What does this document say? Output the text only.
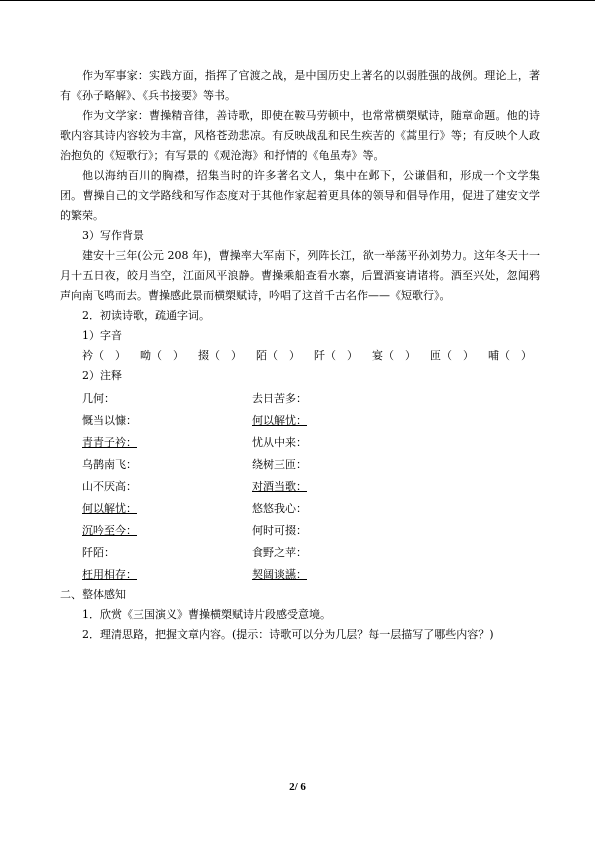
作为军事家：实践方面，指挥了官渡之战，是中国历史上著名的以弱胜强的战例。理论上，著有《孙子略解》、《兵书接要》等书。

作为文学家：曹操精音律，善诗歌，即使在鞍马劳顿中，也常常横槊赋诗，随章命题。他的诗歌内容其诗内容较为丰富，风格苍劲悲凉。有反映战乱和民生疾苦的《蒿里行》等；有反映个人政治抱负的《短歌行》；有写景的《观沧海》和抒情的《龟虽寿》等。

他以海纳百川的胸襟，招集当时的许多著名文人，集中在邺下，公谦倡和，形成一个文学集团。曹操自己的文学路线和写作态度对于其他作家起着更具体的领导和倡导作用，促进了建安文学的繁荣。

3）写作背景

建安十三年(公元 208 年)，曹操率大军南下，列阵长江，欲一举荡平孙刘势力。这年冬天十一月十五日夜，皎月当空，江面风平浪静。曹操乘船查看水寨，后置酒宴请诸将。酒至兴处，忽闻鸦声向南飞鸣而去。曹操感此景而横槊赋诗，吟唱了这首千古名作——《短歌行》。

2．初读诗歌，疏通字词。

1）字音

衿（　） 呦（　） 掇（　） 陌（　） 阡（　） 宴（　） 匝（　） 哺（　）

2）注释

几何：	去日苦多：
慨当以慷：	何以解忧：
青青子衿：	忧从中来：
乌鹊南飞：	绕树三匝：
山不厌高：	对酒当歌：
何以解忧：	悠悠我心：
沉吟至今：	何时可掇：
阡陌：	食野之苹：
枉用相存：	契阔谈讌：

二、整体感知

1．欣赏《三国演义》曹操横槊赋诗片段感受意境。

2．理清思路，把握文章内容。(提示：诗歌可以分为几层？每一层描写了哪些内容？)

2/ 6
